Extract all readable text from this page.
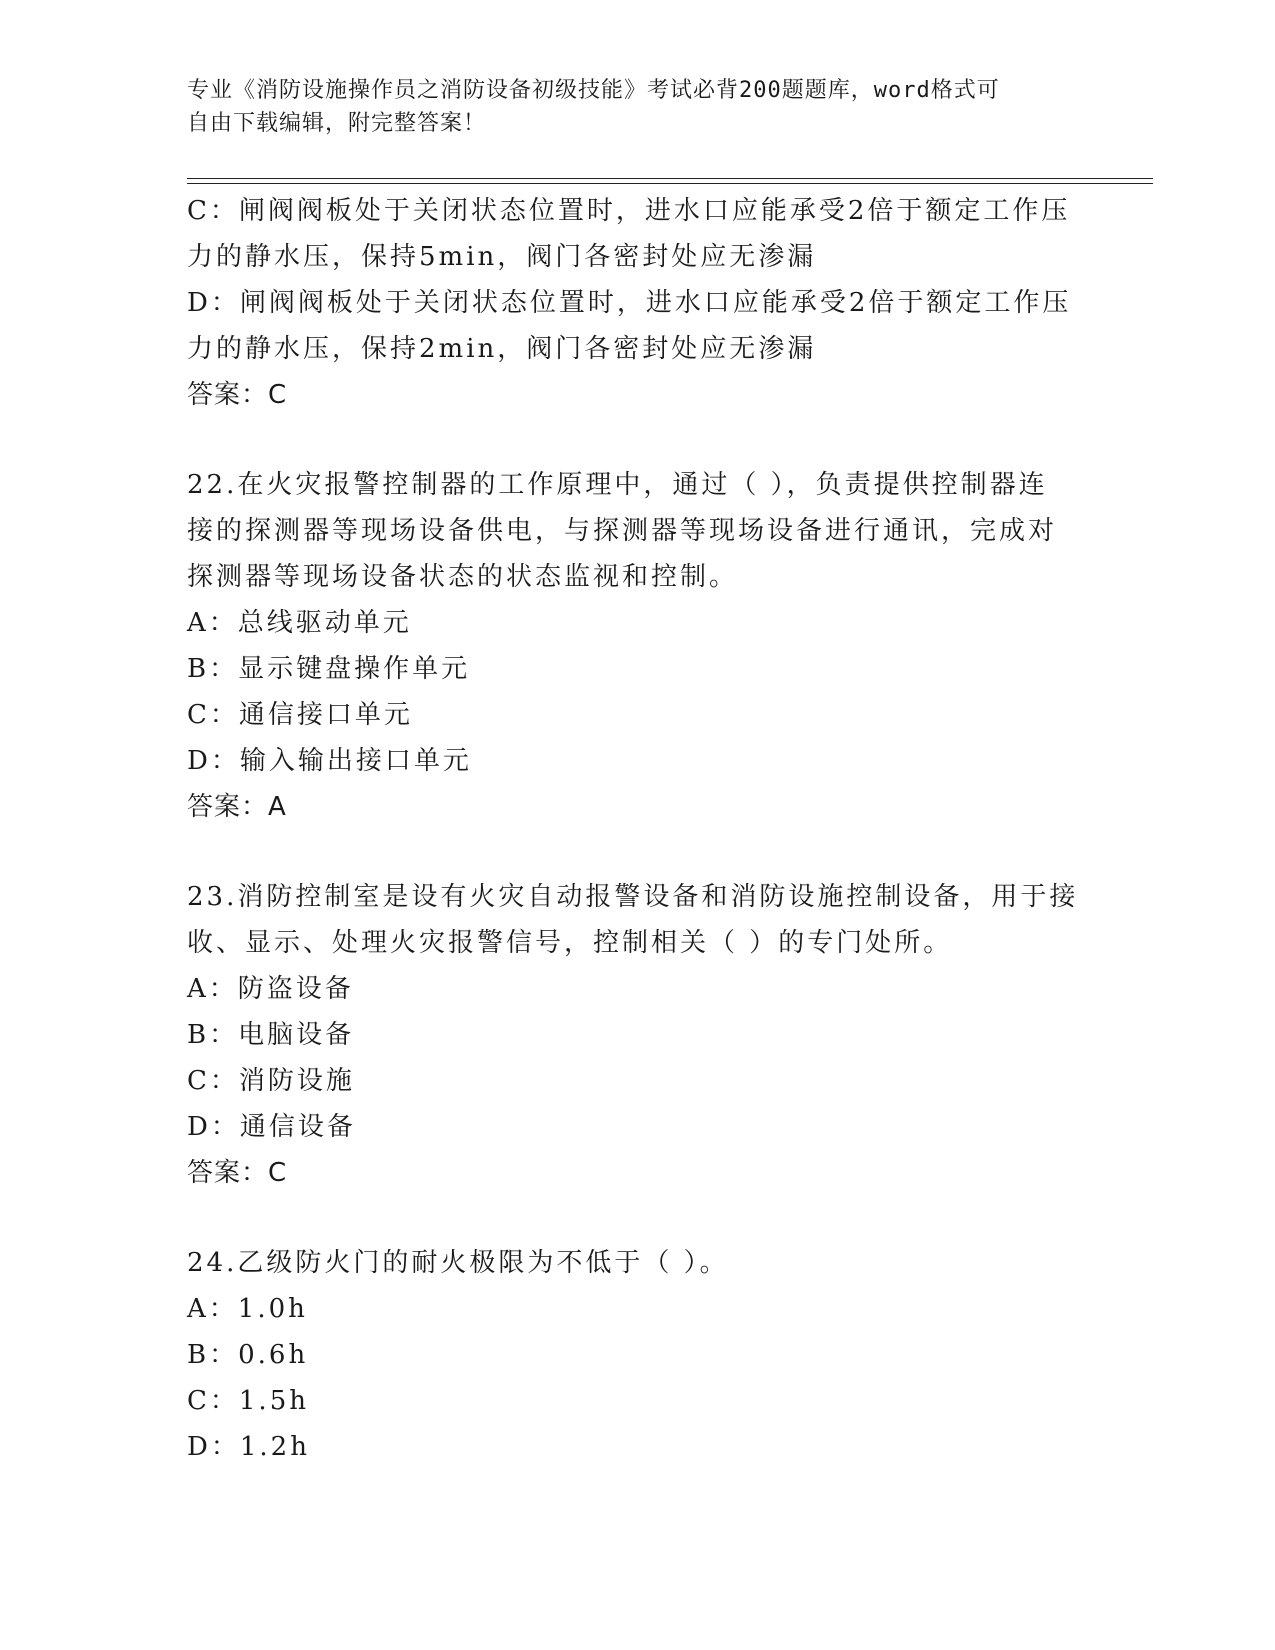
专业《消防设施操作员之消防设备初级技能》考试必背200题题库，word格式可
自由下载编辑，附完整答案！
C：闸阀阀板处于关闭状态位置时，进水口应能承受2倍于额定工作压
力的静水压，保持5min，阀门各密封处应无渗漏
D：闸阀阀板处于关闭状态位置时，进水口应能承受2倍于额定工作压
力的静水压，保持2min，阀门各密封处应无渗漏
答案：C
22.在火灾报警控制器的工作原理中，通过（ ），负责提供控制器连
接的探测器等现场设备供电，与探测器等现场设备进行通讯，完成对
探测器等现场设备状态的状态监视和控制。
A：总线驱动单元
B：显示键盘操作单元
C：通信接口单元
D：输入输出接口单元
答案：A
23.消防控制室是设有火灾自动报警设备和消防设施控制设备，用于接
收、显示、处理火灾报警信号，控制相关（ ）的专门处所。
A：防盗设备
B：电脑设备
C：消防设施
D：通信设备
答案：C
24.乙级防火门的耐火极限为不低于（ ）。
A：1.0h
B：0.6h
C：1.5h
D：1.2h
